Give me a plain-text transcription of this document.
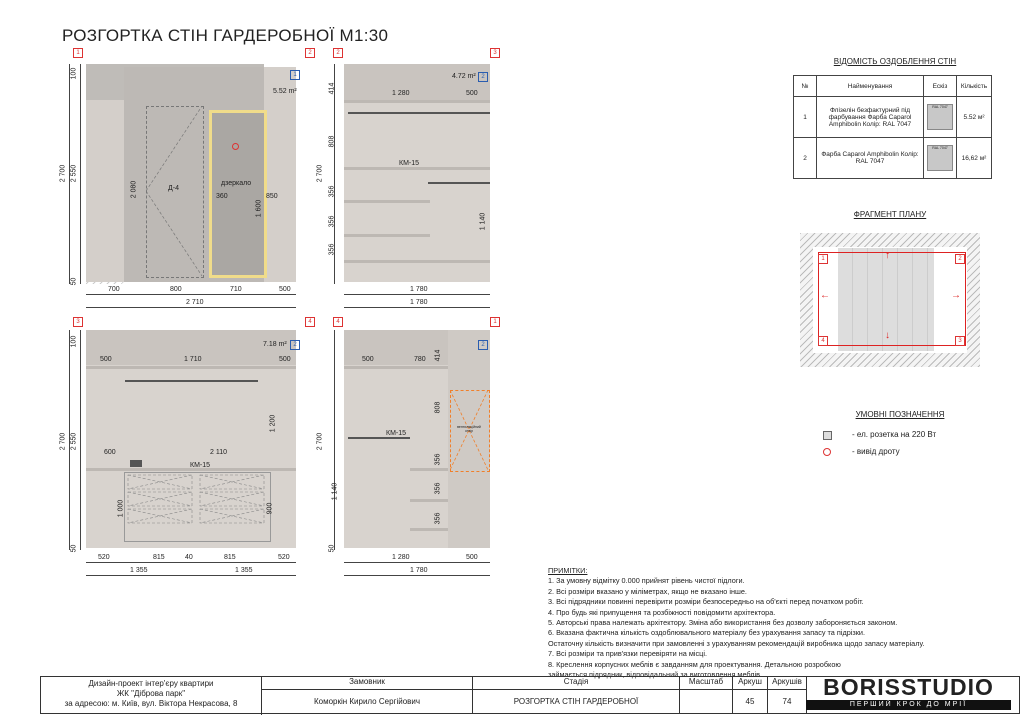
РОЗГОРТКА СТІН ГАРДЕРОБНОЇ М1:30
1	2
Д-4
дзеркало
360	850
1 600
5.52 m²
1
2 700 2 550
100
50
2 080
700	800	710	500
2 710
2	3
КМ-15
4.72 m² 2
1 280	500
2 700
414
808
356
356
356
1 140
1 780
1 780
3	4
КМ-15
7.18 m²	2
500	1 710	500
600	2 110
2 700 2 550
100
50
1 200
900
1 000
520	815	40	815	520
1 355	1 355
4	1
вентиляційний отвір
КМ-15
2
500	780
2 700
414
808
356
356
356
1 140
50
1 280	500
1 780
ВІДОМІСТЬ ОЗДОБЛЕННЯ СТІН
№	Найменування	Ескіз	Кількість
1	Флізелін безфактурний під фарбування Фарба Caparol Amphibolin Колір: RAL 7047	RAL 7047	5.52 м²
2	Фарба Caparol Amphibolin Колір: RAL 7047	RAL 7047	16,62 м²
ФРАГМЕНТ ПЛАНУ
1	2
3
4
↑
↓
←	→
УМОВНІ ПОЗНАЧЕННЯ
- ел. розетка на 220 Вт
- вивід дроту
ПРИМІТКИ:
1. За умовну відмітку 0.000 прийнят рівень чистої підлоги.
2. Всі розміри вказано у міліметрах, якщо не вказано інше.
3. Всі підрядники повинні перевірити розміри безпосередньо на об'єкті перед початком робіт.
4. Про будь які припущення та розбіжності повідомити архітектора.
5. Авторські права належать архітектору. Зміна або використання без дозволу забороняється законом.
6. Вказана фактична кількість оздоблювального матеріалу без урахування запасу та підрізки.
Остаточну кількість визначити при замовленні з урахуванням рекомендацій виробника щодо запасу матеріалу.
7. Всі розміри та прив'язки перевіряти на місці.
8. Креслення корпусних меблів є завданням для проектування. Детальною розробкою
займається підрядник, відповідальний за виготовлення меблів.
Дизайн-проект інтер'єру квартири
ЖК "Діброва парк"
за адресою: м. Київ, вул. Віктора Некрасова, 8
Замовник
Коморкін Кирило Сергійович
Стадія
РОЗГОРТКА СТІН ГАРДЕРОБНОЇ
Масштаб	Аркуш
45
Аркушів
74
BORISSTUDIO
ПЕРШИЙ КРОК ДО МРІЇ
